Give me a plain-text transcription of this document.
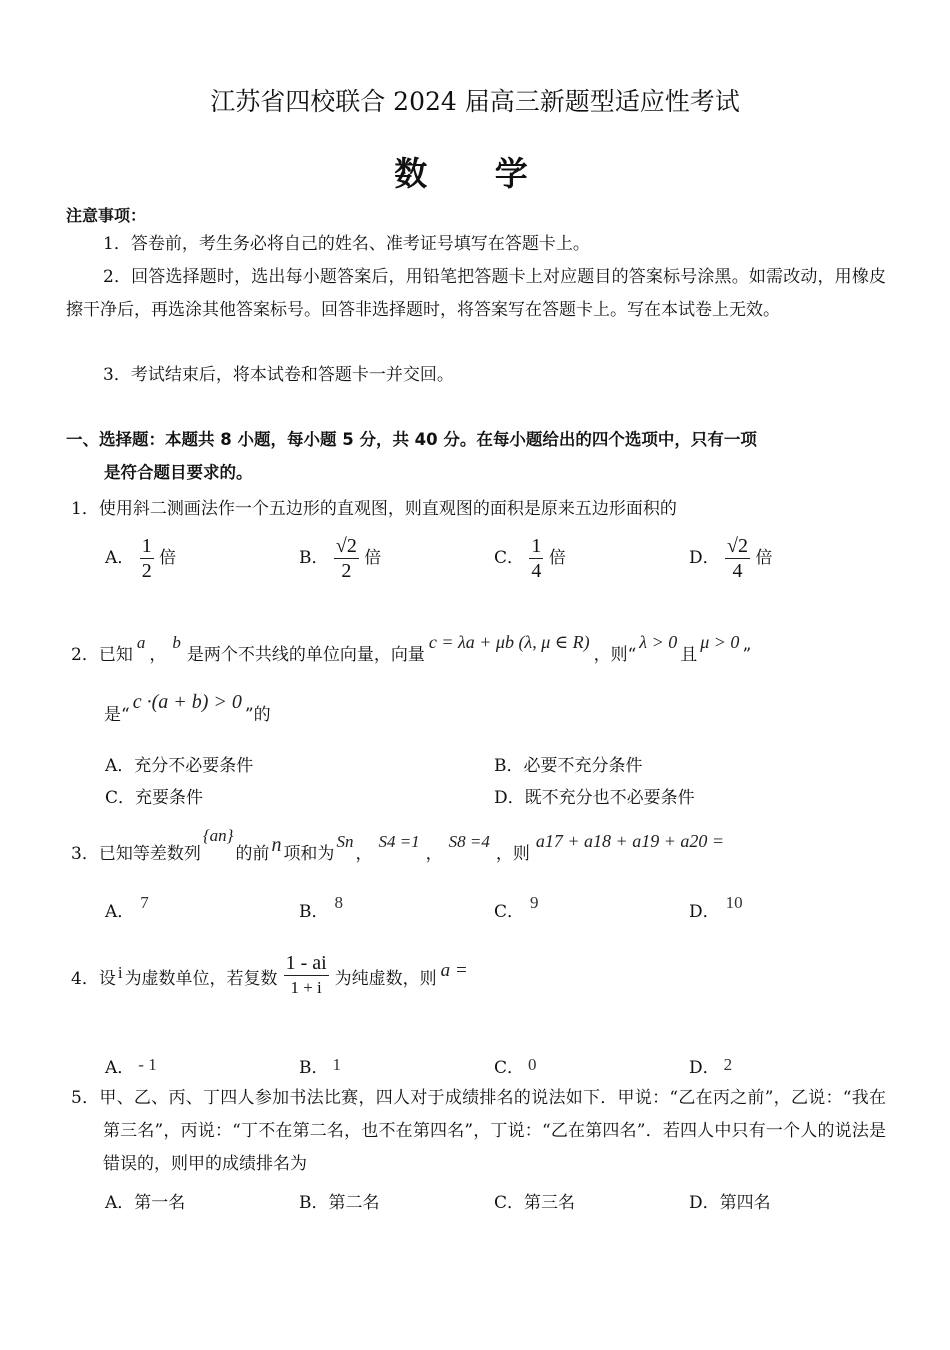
江苏省四校联合 2024 届高三新题型适应性考试
数 学
注意事项：
1．答卷前，考生务必将自己的姓名、准考证号填写在答题卡上。
2．回答选择题时，选出每小题答案后，用铅笔把答题卡上对应题目的答案标号涂黑。如需改动，用橡皮擦干净后，再选涂其他答案标号。回答非选择题时，将答案写在答题卡上。写在本试卷上无效。
3．考试结束后，将本试卷和答题卡一并交回。
一、选择题：本题共 8 小题，每小题 5 分，共 40 分。在每小题给出的四个选项中，只有一项
是符合题目要求的。
1．使用斜二测画法作一个五边形的直观图，则直观图的面积是原来五边形面积的
A． $\frac{1}{2}$ 倍	B． $\frac{√2}{2}$ 倍	C． $\frac{1}{4}$ 倍	D． $\frac{√2}{4}$ 倍
2．已知a，b是两个不共线的单位向量，向量c = λa + μb (λ, μ ∈ R)，则“λ > 0且μ > 0”
是“c ·(a + b) > 0”的
A．充分不必要条件	B．必要不充分条件
C．充要条件	D．既不充分也不必要条件
3．已知等差数列{an}的前 n 项和为Sn，S4 =1，S8 =4，则a17 + a18 + a19 + a20 =
A． 7	B． 8	C． 9	D． 10
4．设 i 为虚数单位，若复数 $\frac{1 - ai}{1 + i}$ 为纯虚数，则 a =
A． - 1	B． 1	C． 0	D． 2
5．甲、乙、丙、丁四人参加书法比赛，四人对于成绩排名的说法如下．甲说：“乙在丙之前”，乙说：“我在第三名”，丙说：“丁不在第二名，也不在第四名”，丁说：“乙在第四名”．若四人中只有一个人的说法是错误的，则甲的成绩排名为
A．第一名	B．第二名	C．第三名	D．第四名
